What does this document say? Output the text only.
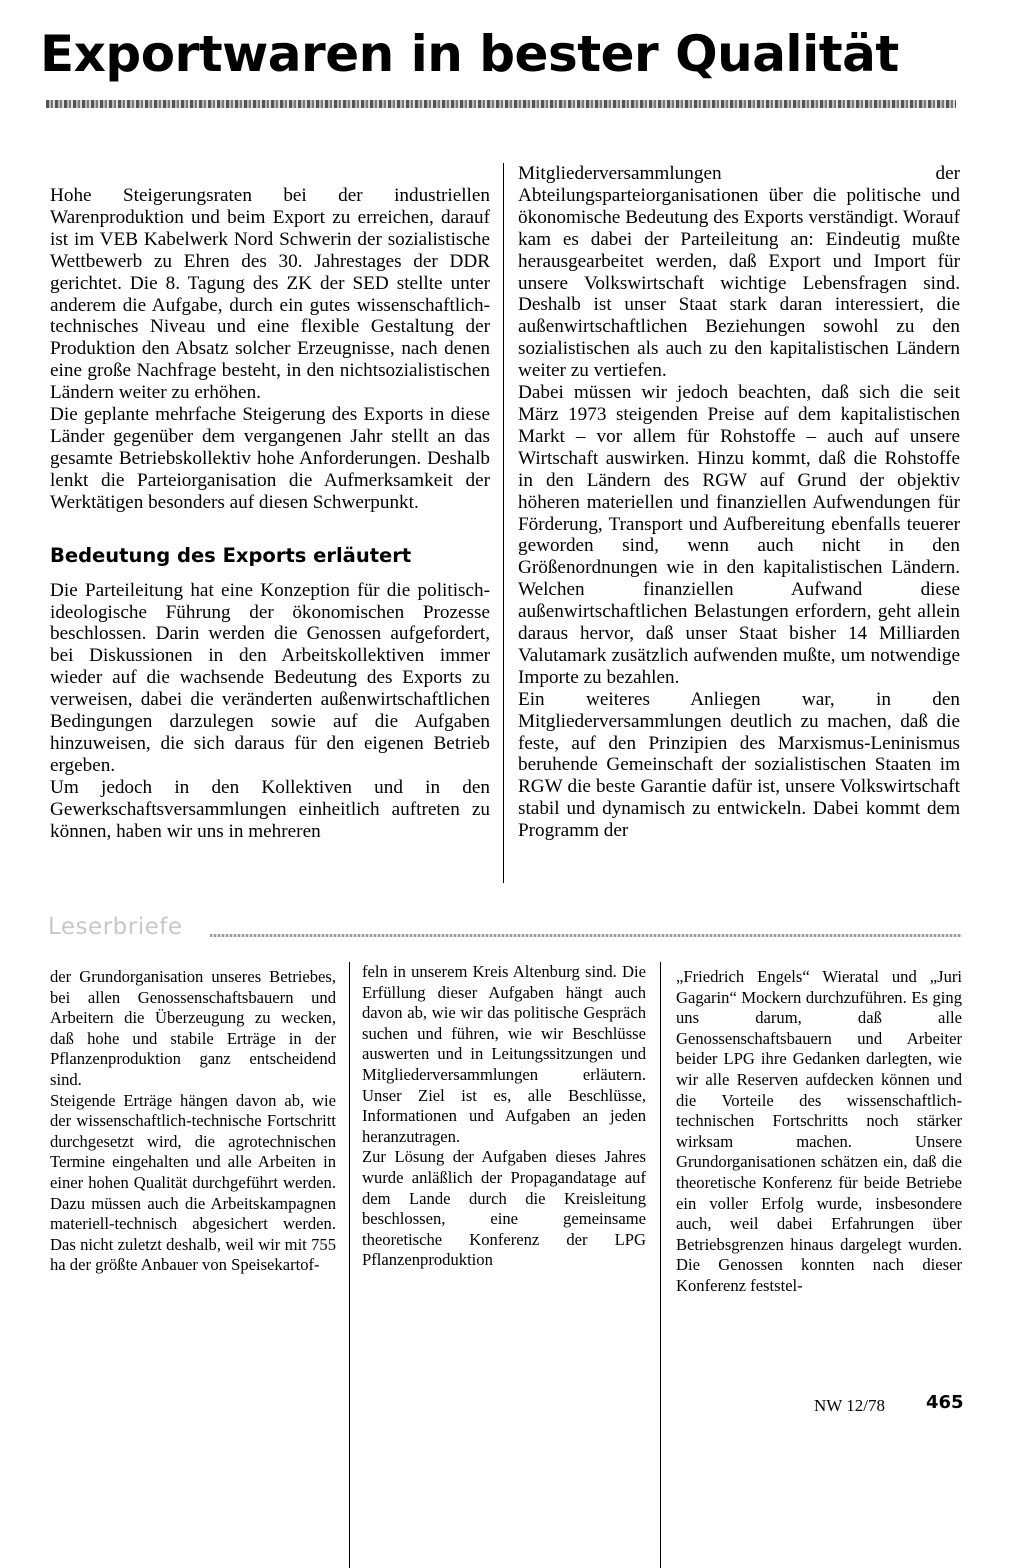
Exportwaren in bester Qualität

Hohe Steigerungsraten bei der industriellen Warenproduktion und beim Export zu erreichen, darauf ist im VEB Kabelwerk Nord Schwerin der sozialistische Wettbewerb zu Ehren des 30. Jahrestages der DDR gerichtet. Die 8. Tagung des ZK der SED stellte unter anderem die Aufgabe, durch ein gutes wissenschaftlich-technisches Niveau und eine flexible Gestaltung der Produktion den Absatz solcher Erzeugnisse, nach denen eine große Nachfrage besteht, in den nichtsozialistischen Ländern weiter zu erhöhen.

Die geplante mehrfache Steigerung des Exports in diese Länder gegenüber dem vergangenen Jahr stellt an das gesamte Betriebskollektiv hohe Anforderungen. Deshalb lenkt die Parteiorganisation die Aufmerksamkeit der Werktätigen besonders auf diesen Schwerpunkt.

Bedeutung des Exports erläutert

Die Parteileitung hat eine Konzeption für die politisch-ideologische Führung der ökonomischen Prozesse beschlossen. Darin werden die Genossen aufgefordert, bei Diskussionen in den Arbeitskollektiven immer wieder auf die wachsende Bedeutung des Exports zu verweisen, dabei die veränderten außenwirtschaftlichen Bedingungen darzulegen sowie auf die Aufgaben hinzuweisen, die sich daraus für den eigenen Betrieb ergeben.

Um jedoch in den Kollektiven und in den Gewerkschaftsversammlungen einheitlich auftreten zu können, haben wir uns in mehreren

Mitgliederversammlungen der Abteilungsparteiorganisationen über die politische und ökonomische Bedeutung des Exports verständigt. Worauf kam es dabei der Parteileitung an: Eindeutig mußte herausgearbeitet werden, daß Export und Import für unsere Volkswirtschaft wichtige Lebensfragen sind. Deshalb ist unser Staat stark daran interessiert, die außenwirtschaftlichen Beziehungen sowohl zu den sozialistischen als auch zu den kapitalistischen Ländern weiter zu vertiefen.

Dabei müssen wir jedoch beachten, daß sich die seit März 1973 steigenden Preise auf dem kapitalistischen Markt – vor allem für Rohstoffe – auch auf unsere Wirtschaft auswirken. Hinzu kommt, daß die Rohstoffe in den Ländern des RGW auf Grund der objektiv höheren materiellen und finanziellen Aufwendungen für Förderung, Transport und Aufbereitung ebenfalls teuerer geworden sind, wenn auch nicht in den Größenordnungen wie in den kapitalistischen Ländern. Welchen finanziellen Aufwand diese außenwirtschaftlichen Belastungen erfordern, geht allein daraus hervor, daß unser Staat bisher 14 Milliarden Valutamark zusätzlich aufwenden mußte, um notwendige Importe zu bezahlen.

Ein weiteres Anliegen war, in den Mitgliederversammlungen deutlich zu machen, daß die feste, auf den Prinzipien des Marxismus-Leninismus beruhende Gemeinschaft der sozialistischen Staaten im RGW die beste Garantie dafür ist, unsere Volkswirtschaft stabil und dynamisch zu entwickeln. Dabei kommt dem Programm der

Leserbriefe

der Grundorganisation unseres Betriebes, bei allen Genossenschaftsbauern und Arbeitern die Überzeugung zu wecken, daß hohe und stabile Erträge in der Pflanzenproduktion ganz entscheidend sind.

Steigende Erträge hängen davon ab, wie der wissenschaftlich-technische Fortschritt durchgesetzt wird, die agrotechnischen Termine eingehalten und alle Arbeiten in einer hohen Qualität durchgeführt werden. Dazu müssen auch die Arbeitskampagnen materiell-technisch abgesichert werden. Das nicht zuletzt deshalb, weil wir mit 755 ha der größte Anbauer von Speisekartof-

feln in unserem Kreis Altenburg sind. Die Erfüllung dieser Aufgaben hängt auch davon ab, wie wir das politische Gespräch suchen und führen, wie wir Beschlüsse auswerten und in Leitungssitzungen und Mitgliederversammlungen erläutern. Unser Ziel ist es, alle Beschlüsse, Informationen und Aufgaben an jeden heranzutragen.

Zur Lösung der Aufgaben dieses Jahres wurde anläßlich der Propagandatage auf dem Lande durch die Kreisleitung beschlossen, eine gemeinsame theoretische Konferenz der LPG Pflanzenproduktion

„Friedrich Engels“ Wieratal und „Juri Gagarin“ Mockern durchzuführen. Es ging uns darum, daß alle Genossenschaftsbauern und Arbeiter beider LPG ihre Gedanken darlegten, wie wir alle Reserven aufdecken können und die Vorteile des wissenschaftlich-technischen Fortschritts noch stärker wirksam machen. Unsere Grundorganisationen schätzen ein, daß die theoretische Konferenz für beide Betriebe ein voller Erfolg wurde, insbesondere auch, weil dabei Erfahrungen über Betriebsgrenzen hinaus dargelegt wurden. Die Genossen konnten nach dieser Konferenz feststel-

NW 12/78 465
